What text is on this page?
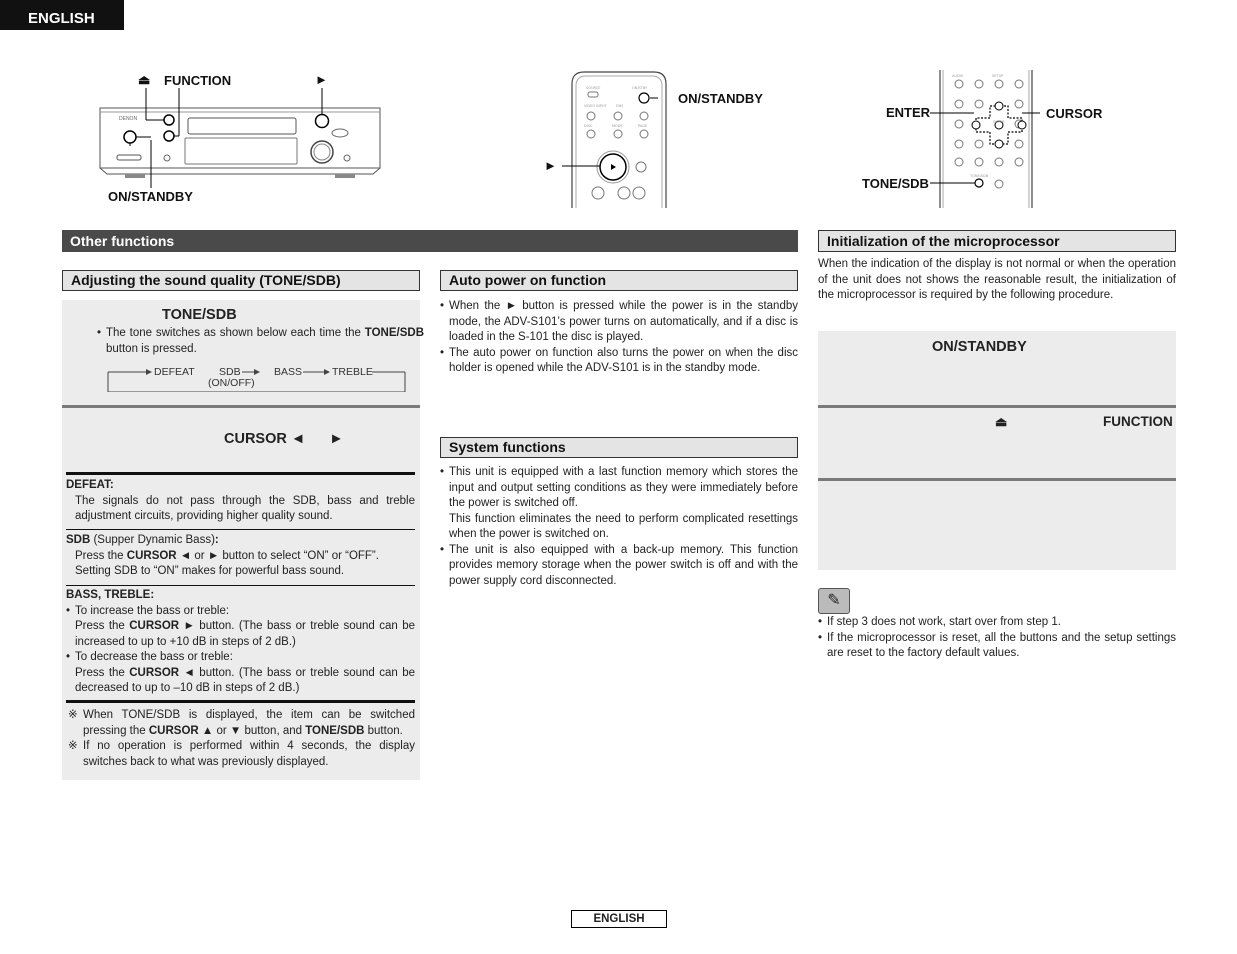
ENGLISH
DENON
⏏ FUNCTION	►
ON/STANDBY
SOURCE	ON/STBY
VIDEO INPUT	DIM
DISC	MODE	PAGE
ON/STANDBY
►
AUDIO	SETUP
ENTER
TONE/SDB
ENTER	CURSOR
TONE/SDB
Other functions
Adjusting the sound quality (TONE/SDB)
TONE/SDB
• The tone switches as shown below each time the TONE/SDB button is pressed.
DEFEAT SDB
(ON/OFF)
BASS	TREBLE
CURSOR ◄ ►
DEFEAT:
The signals do not pass through the SDB, bass and treble adjustment circuits, providing higher quality sound.
SDB (Supper Dynamic Bass):
Press the CURSOR ◄ or ► button to select “ON” or “OFF”.
Setting SDB to “ON” makes for powerful bass sound.
BASS, TREBLE:
• To increase the bass or treble:
Press the CURSOR ► button. (The bass or treble sound can be increased to up to +10 dB in steps of 2 dB.)
• To decrease the bass or treble:
Press the CURSOR ◄ button. (The bass or treble sound can be decreased to up to –10 dB in steps of 2 dB.)
※ When TONE/SDB is displayed, the item can be switched pressing the CURSOR ▲ or ▼ button, and TONE/SDB button.
※ If no operation is performed within 4 seconds, the display switches back to what was previously displayed.
Auto power on function
• When the ► button is pressed while the power is in the standby mode, the ADV-S101’s power turns on automatically, and if a disc is loaded in the S-101 the disc is played.
• The auto power on function also turns the power on when the disc holder is opened while the ADV-S101 is in the standby mode.
System functions
• This unit is equipped with a last function memory which stores the input and output setting conditions as they were immediately before the power is switched off.
This function eliminates the need to perform complicated resettings when the power is switched on.
• The unit is also equipped with a back-up memory. This function provides memory storage when the power switch is off and with the power supply cord disconnected.
Initialization of the microprocessor
When the indication of the display is not normal or when the operation of the unit does not shows the reasonable result, the initialization of the microprocessor is required by the following procedure.
ON/STANDBY
⏏	FUNCTION
✎
• If step 3 does not work, start over from step 1.
• If the microprocessor is reset, all the buttons and the setup settings are reset to the factory default values.
ENGLISH
